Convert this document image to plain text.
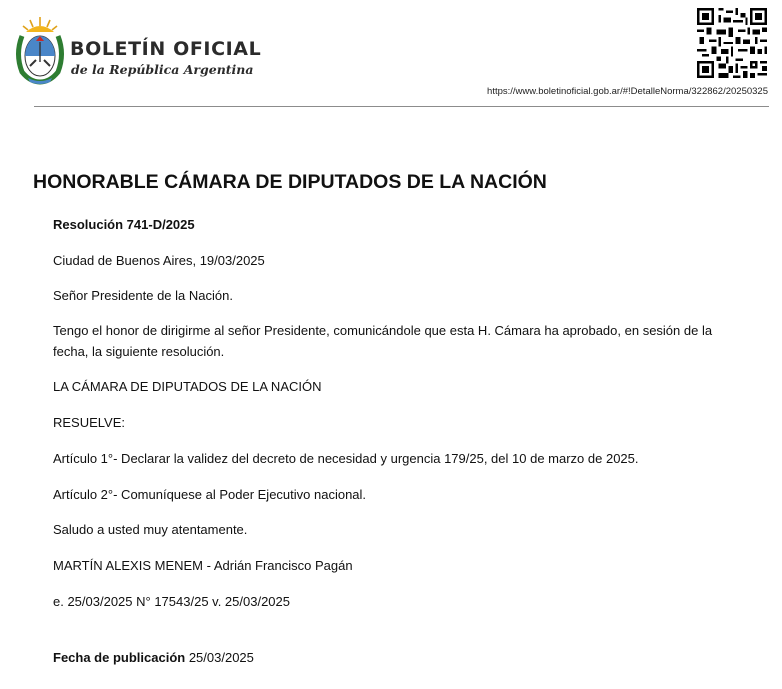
BOLETÍN OFICIAL
de la República Argentina
https://www.boletinoficial.gob.ar/#!DetalleNorma/322862/20250325
HONORABLE CÁMARA DE DIPUTADOS DE LA NACIÓN

Resolución 741-D/2025

Ciudad de Buenos Aires, 19/03/2025

Señor Presidente de la Nación.

Tengo el honor de dirigirme al señor Presidente, comunicándole que esta H. Cámara ha aprobado, en sesión de la fecha, la siguiente resolución.

LA CÁMARA DE DIPUTADOS DE LA NACIÓN

RESUELVE:

Artículo 1°- Declarar la validez del decreto de necesidad y urgencia 179/25, del 10 de marzo de 2025.

Artículo 2°- Comuníquese al Poder Ejecutivo nacional.

Saludo a usted muy atentamente.

MARTÍN ALEXIS MENEM - Adrián Francisco Pagán

e. 25/03/2025 N° 17543/25 v. 25/03/2025

Fecha de publicación 25/03/2025
